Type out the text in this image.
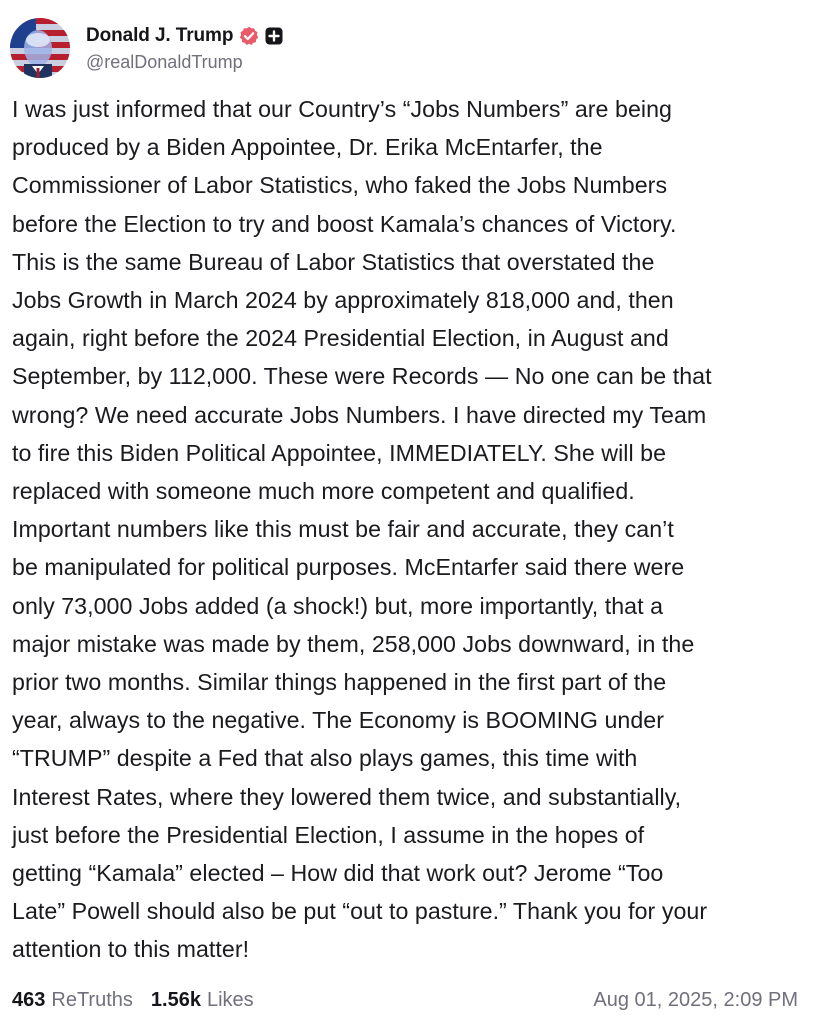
Donald J. Trump
@realDonaldTrump
I was just informed that our Country’s “Jobs Numbers” are being
produced by a Biden Appointee, Dr. Erika McEntarfer, the
Commissioner of Labor Statistics, who faked the Jobs Numbers
before the Election to try and boost Kamala’s chances of Victory.
This is the same Bureau of Labor Statistics that overstated the
Jobs Growth in March 2024 by approximately 818,000 and, then
again, right before the 2024 Presidential Election, in August and
September, by 112,000. These were Records — No one can be that
wrong? We need accurate Jobs Numbers. I have directed my Team
to fire this Biden Political Appointee, IMMEDIATELY. She will be
replaced with someone much more competent and qualified.
Important numbers like this must be fair and accurate, they can’t
be manipulated for political purposes. McEntarfer said there were
only 73,000 Jobs added (a shock!) but, more importantly, that a
major mistake was made by them, 258,000 Jobs downward, in the
prior two months. Similar things happened in the first part of the
year, always to the negative. The Economy is BOOMING under
“TRUMP” despite a Fed that also plays games, this time with
Interest Rates, where they lowered them twice, and substantially,
just before the Presidential Election, I assume in the hopes of
getting “Kamala” elected – How did that work out? Jerome “Too
Late” Powell should also be put “out to pasture.” Thank you for your
attention to this matter!
463 ReTruths 1.56k Likes	Aug 01, 2025, 2:09 PM
